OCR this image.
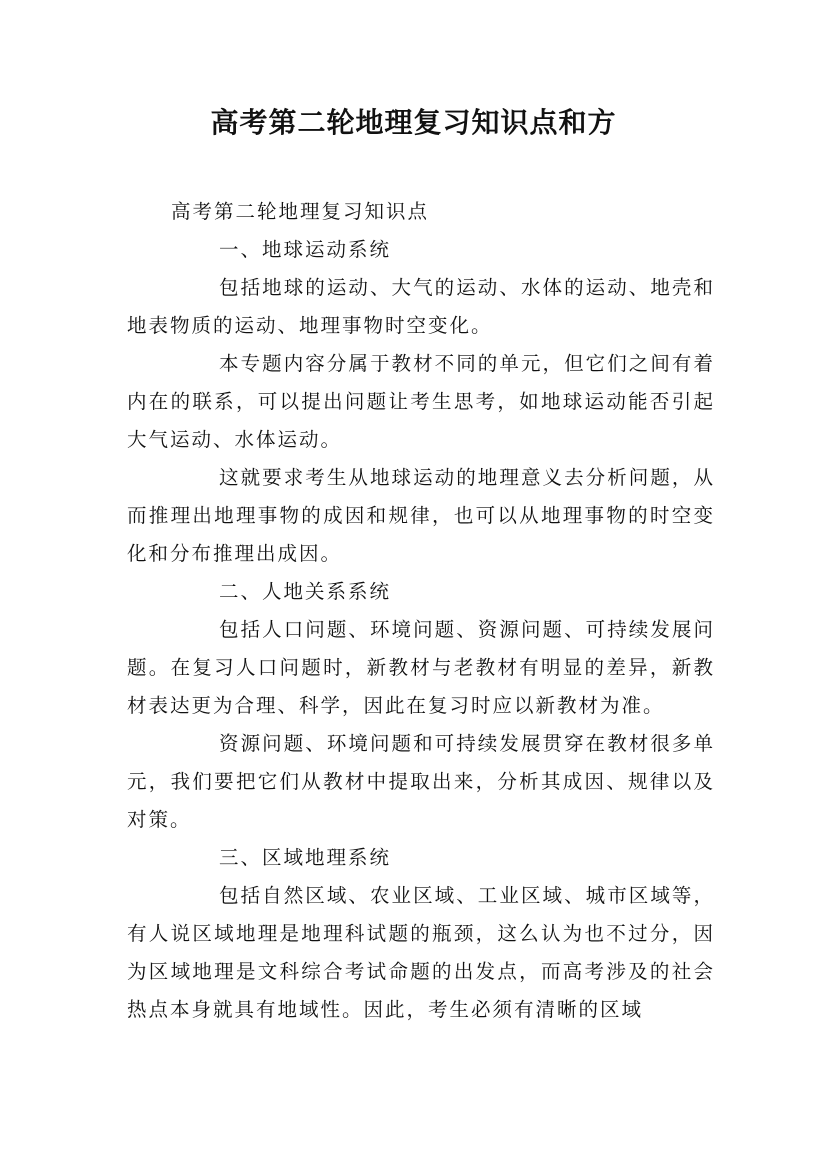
高考第二轮地理复习知识点和方

高考第二轮地理复习知识点

一、地球运动系统

包括地球的运动、大气的运动、水体的运动、地壳和地表物质的运动、地理事物时空变化。

本专题内容分属于教材不同的单元，但它们之间有着内在的联系，可以提出问题让考生思考，如地球运动能否引起大气运动、水体运动。

这就要求考生从地球运动的地理意义去分析问题，从而推理出地理事物的成因和规律，也可以从地理事物的时空变化和分布推理出成因。

二、人地关系系统

包括人口问题、环境问题、资源问题、可持续发展问题。在复习人口问题时，新教材与老教材有明显的差异，新教材表达更为合理、科学，因此在复习时应以新教材为准。

资源问题、环境问题和可持续发展贯穿在教材很多单元，我们要把它们从教材中提取出来，分析其成因、规律以及对策。

三、区域地理系统

包括自然区域、农业区域、工业区域、城市区域等，有人说区域地理是地理科试题的瓶颈，这么认为也不过分，因为区域地理是文科综合考试命题的出发点，而高考涉及的社会热点本身就具有地域性。因此，考生必须有清晰的区域
